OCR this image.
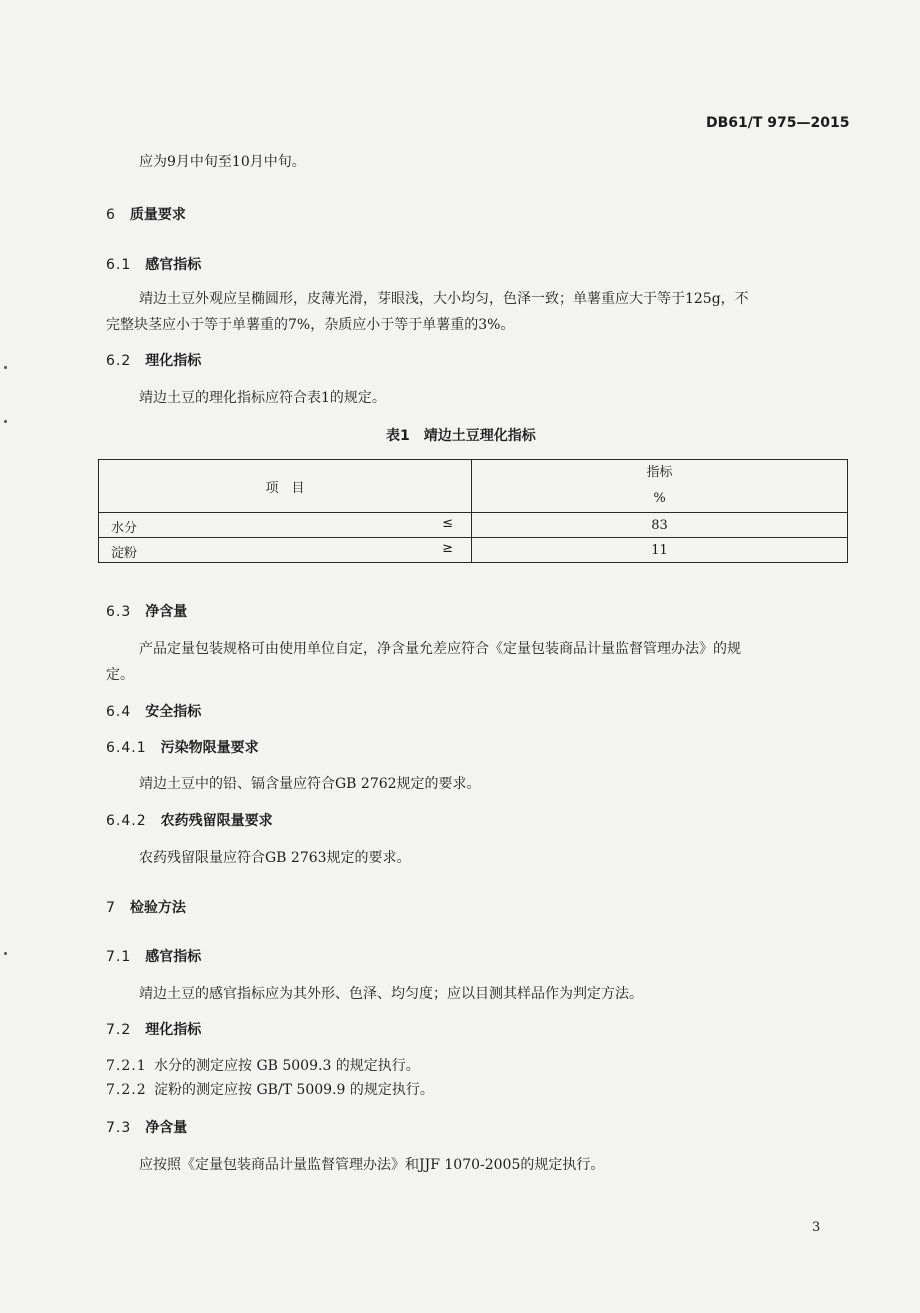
DB61/T 975—2015
应为9月中旬至10月中旬。
6 质量要求
6.1 感官指标
靖边土豆外观应呈椭圆形，皮薄光滑，芽眼浅，大小均匀，色泽一致；单薯重应大于等于125g，不
完整块茎应小于等于单薯重的7%，杂质应小于等于单薯重的3%。
6.2 理化指标
靖边土豆的理化指标应符合表1的规定。
表1 靖边土豆理化指标
项　目	指标
%

水分 ≤	83

淀粉 ≥	11
6.3 净含量
产品定量包装规格可由使用单位自定，净含量允差应符合《定量包装商品计量监督管理办法》的规
定。
6.4 安全指标
6.4.1 污染物限量要求
靖边土豆中的铅、镉含量应符合GB 2762规定的要求。
6.4.2 农药残留限量要求
农药残留限量应符合GB 2763规定的要求。
7 检验方法
7.1 感官指标
靖边土豆的感官指标应为其外形、色泽、均匀度；应以目测其样品作为判定方法。
7.2 理化指标
7.2.1 水分的测定应按 GB 5009.3 的规定执行。
7.2.2 淀粉的测定应按 GB/T 5009.9 的规定执行。
7.3 净含量
应按照《定量包装商品计量监督管理办法》和JJF 1070-2005的规定执行。
3
